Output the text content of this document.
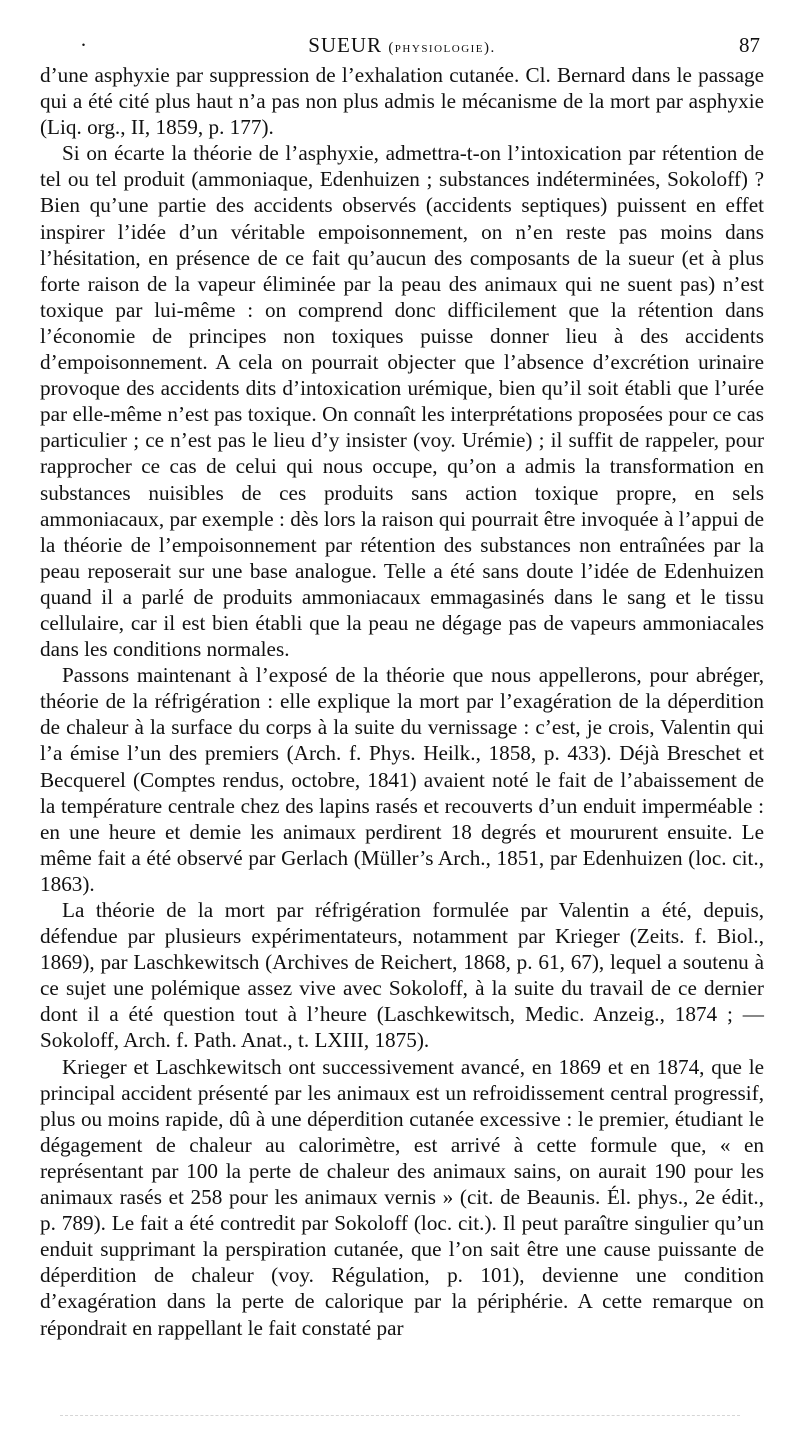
·	SUEUR (physiologie).	87

d’une asphyxie par suppression de l’exhalation cutanée. Cl. Bernard dans le passage qui a été cité plus haut n’a pas non plus admis le mécanisme de la mort par asphyxie (Liq. org., II, 1859, p. 177).

Si on écarte la théorie de l’asphyxie, admettra-t-on l’intoxication par rétention de tel ou tel produit (ammoniaque, Edenhuizen ; substances indéterminées, Sokoloff) ? Bien qu’une partie des accidents observés (accidents septiques) puissent en effet inspirer l’idée d’un véritable empoisonnement, on n’en reste pas moins dans l’hésitation, en présence de ce fait qu’aucun des composants de la sueur (et à plus forte raison de la vapeur éliminée par la peau des animaux qui ne suent pas) n’est toxique par lui-même : on comprend donc difficilement que la rétention dans l’économie de principes non toxiques puisse donner lieu à des accidents d’empoisonnement. A cela on pourrait objecter que l’absence d’excrétion urinaire provoque des accidents dits d’intoxication urémique, bien qu’il soit établi que l’urée par elle-même n’est pas toxique. On connaît les interprétations proposées pour ce cas particulier ; ce n’est pas le lieu d’y insister (voy. Urémie) ; il suffit de rappeler, pour rapprocher ce cas de celui qui nous occupe, qu’on a admis la transformation en substances nuisibles de ces produits sans action toxique propre, en sels ammoniacaux, par exemple : dès lors la raison qui pourrait être invoquée à l’appui de la théorie de l’empoisonnement par rétention des substances non entraînées par la peau reposerait sur une base analogue. Telle a été sans doute l’idée de Edenhuizen quand il a parlé de produits ammoniacaux emmagasinés dans le sang et le tissu cellulaire, car il est bien établi que la peau ne dégage pas de vapeurs ammoniacales dans les conditions normales.

Passons maintenant à l’exposé de la théorie que nous appellerons, pour abréger, théorie de la réfrigération : elle explique la mort par l’exagération de la déperdition de chaleur à la surface du corps à la suite du vernissage : c’est, je crois, Valentin qui l’a émise l’un des premiers (Arch. f. Phys. Heilk., 1858, p. 433). Déjà Breschet et Becquerel (Comptes rendus, octobre, 1841) avaient noté le fait de l’abaissement de la température centrale chez des lapins rasés et recouverts d’un enduit imperméable : en une heure et demie les animaux perdirent 18 degrés et moururent ensuite. Le même fait a été observé par Gerlach (Müller’s Arch., 1851, par Edenhuizen (loc. cit., 1863).

La théorie de la mort par réfrigération formulée par Valentin a été, depuis, défendue par plusieurs expérimentateurs, notamment par Krieger (Zeits. f. Biol., 1869), par Laschkewitsch (Archives de Reichert, 1868, p. 61, 67), lequel a soutenu à ce sujet une polémique assez vive avec Sokoloff, à la suite du travail de ce dernier dont il a été question tout à l’heure (Laschkewitsch, Medic. Anzeig., 1874 ; — Sokoloff, Arch. f. Path. Anat., t. LXIII, 1875).

Krieger et Laschkewitsch ont successivement avancé, en 1869 et en 1874, que le principal accident présenté par les animaux est un refroidissement central progressif, plus ou moins rapide, dû à une déperdition cutanée excessive : le premier, étudiant le dégagement de chaleur au calorimètre, est arrivé à cette formule que, « en représentant par 100 la perte de chaleur des animaux sains, on aurait 190 pour les animaux rasés et 258 pour les animaux vernis » (cit. de Beaunis. Él. phys., 2e édit., p. 789). Le fait a été contredit par Sokoloff (loc. cit.). Il peut paraître singulier qu’un enduit supprimant la perspiration cutanée, que l’on sait être une cause puissante de déperdition de chaleur (voy. Régulation, p. 101), devienne une condition d’exagération dans la perte de calorique par la périphérie. A cette remarque on répondrait en rappellant le fait constaté par
